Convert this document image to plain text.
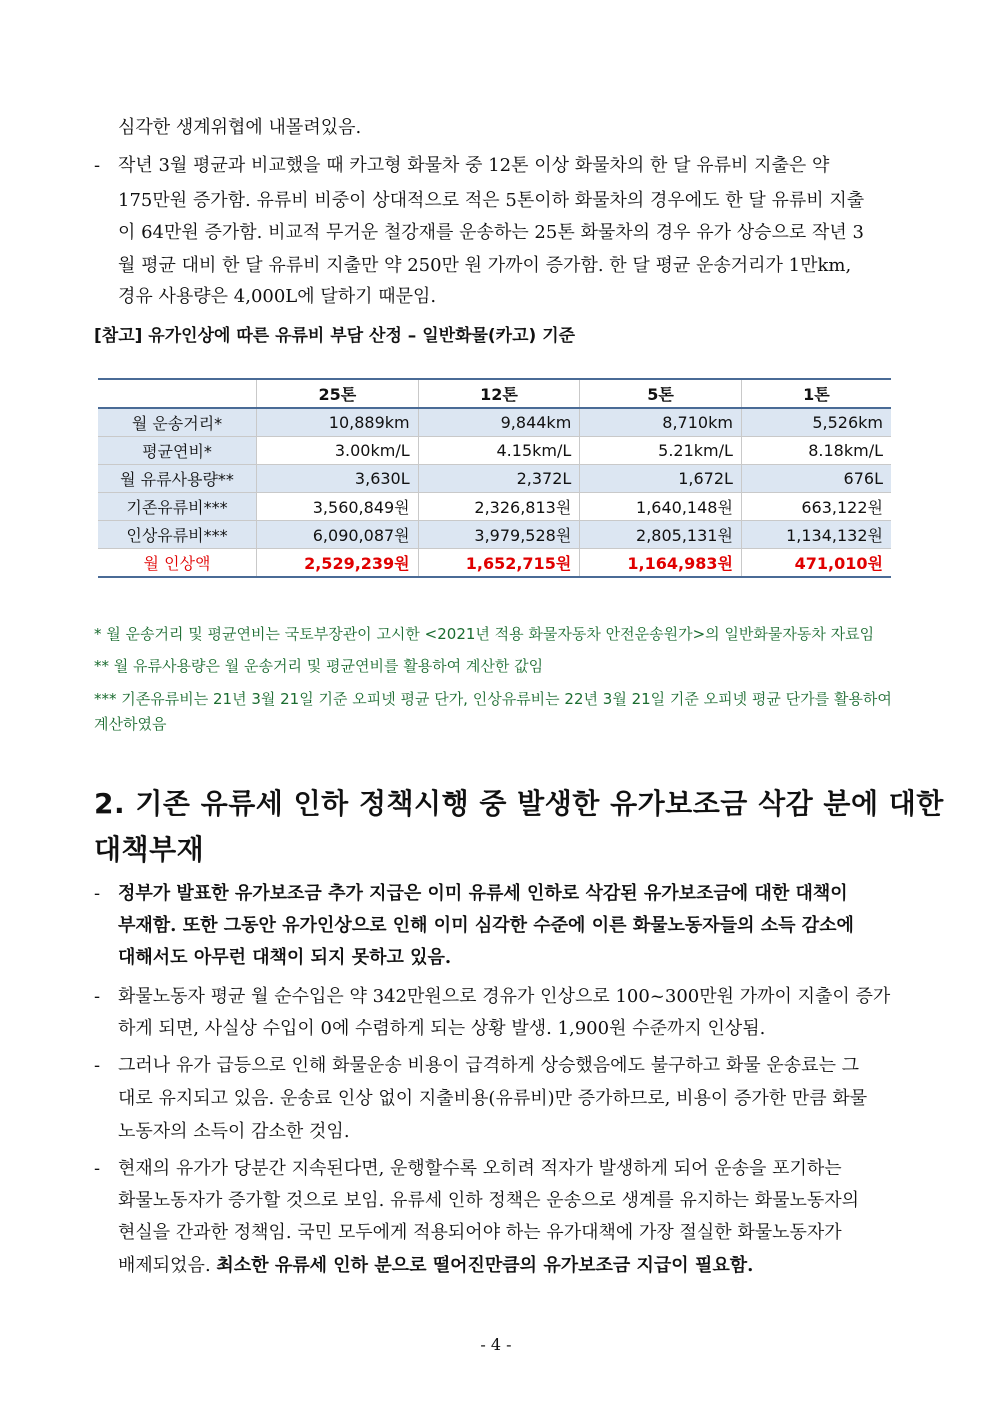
심각한 생계위협에 내몰려있음.
- 작년 3월 평균과 비교했을 때 카고형 화물차 중 12톤 이상 화물차의 한 달 유류비 지출은 약
175만원 증가함. 유류비 비중이 상대적으로 적은 5톤이하 화물차의 경우에도 한 달 유류비 지출
이 64만원 증가함. 비교적 무거운 철강재를 운송하는 25톤 화물차의 경우 유가 상승으로 작년 3
월 평균 대비 한 달 유류비 지출만 약 250만 원 가까이 증가함. 한 달 평균 운송거리가 1만km,
경유 사용량은 4,000L에 달하기 때문임.
[참고] 유가인상에 따른 유류비 부담 산정 – 일반화물(카고) 기준
	25톤	12톤	5톤	1톤
월 운송거리*	10,889km	9,844km	8,710km	5,526km
평균연비*	3.00km/L	4.15km/L	5.21km/L	8.18km/L
월 유류사용량**	3,630L	2,372L	1,672L	676L
기존유류비***	3,560,849원	2,326,813원	1,640,148원	663,122원
인상유류비***	6,090,087원	3,979,528원	2,805,131원	1,134,132원
월 인상액	2,529,239원	1,652,715원	1,164,983원	471,010원
* 월 운송거리 및 평균연비는 국토부장관이 고시한 <2021년 적용 화물자동차 안전운송원가>의 일반화물자동차 자료임
** 월 유류사용량은 월 운송거리 및 평균연비를 활용하여 계산한 값임
*** 기존유류비는 21년 3월 21일 기준 오피넷 평균 단가, 인상유류비는 22년 3월 21일 기준 오피넷 평균 단가를 활용하여
계산하였음
2. 기존 유류세 인하 정책시행 중 발생한 유가보조금 삭감 분에 대한
대책부재
- 정부가 발표한 유가보조금 추가 지급은 이미 유류세 인하로 삭감된 유가보조금에 대한 대책이
부재함. 또한 그동안 유가인상으로 인해 이미 심각한 수준에 이른 화물노동자들의 소득 감소에
대해서도 아무런 대책이 되지 못하고 있음.
- 화물노동자 평균 월 순수입은 약 342만원으로 경유가 인상으로 100~300만원 가까이 지출이 증가
하게 되면, 사실상 수입이 0에 수렴하게 되는 상황 발생. 1,900원 수준까지 인상됨.
- 그러나 유가 급등으로 인해 화물운송 비용이 급격하게 상승했음에도 불구하고 화물 운송료는 그
대로 유지되고 있음. 운송료 인상 없이 지출비용(유류비)만 증가하므로, 비용이 증가한 만큼 화물
노동자의 소득이 감소한 것임.
- 현재의 유가가 당분간 지속된다면, 운행할수록 오히려 적자가 발생하게 되어 운송을 포기하는
화물노동자가 증가할 것으로 보임. 유류세 인하 정책은 운송으로 생계를 유지하는 화물노동자의
현실을 간과한 정책임. 국민 모두에게 적용되어야 하는 유가대책에 가장 절실한 화물노동자가
배제되었음. 최소한 유류세 인하 분으로 떨어진만큼의 유가보조금 지급이 필요함.
- 4 -
